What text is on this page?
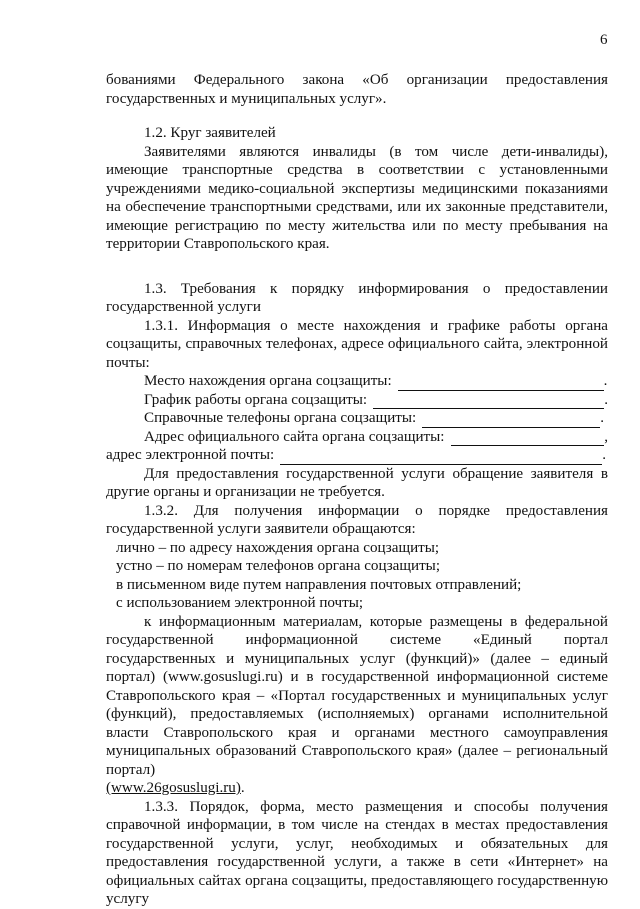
6

бованиями Федерального закона «Об организации предоставления государственных и муниципальных услуг».

1.2. Круг заявителей

Заявителями являются инвалиды (в том числе дети-инвалиды), имеющие транспортные средства в соответствии с установленными учреждениями медико-социальной экспертизы медицинскими показаниями на обеспечение транспортными средствами, или их законные представители, имеющие регистрацию по месту жительства или по месту пребывания на территории Ставропольского края.

1.3. Требования к порядку информирования о предоставлении государственной услуги

1.3.1. Информация о месте нахождения и графике работы органа соцзащиты, справочных телефонах, адресе официального сайта, электронной почты:

Место нахождения органа соцзащиты:	.
График работы органа соцзащиты:	.
Справочные телефоны органа соцзащиты:	.
Адрес официального сайта органа соцзащиты:	,
адрес электронной почты:	.

Для предоставления государственной услуги обращение заявителя в другие органы и организации не требуется.

1.3.2. Для получения информации о порядке предоставления государственной услуги заявители обращаются:

лично – по адресу нахождения органа соцзащиты;

устно – по номерам телефонов органа соцзащиты;

в письменном виде путем направления почтовых отправлений;

с использованием электронной почты;

к информационным материалам, которые размещены в федеральной государственной информационной системе «Единый портал государственных и муниципальных услуг (функций)» (далее – единый портал) (www.gosuslugi.ru) и в государственной информационной системе Ставропольского края – «Портал государственных и муниципальных услуг (функций), предоставляемых (исполняемых) органами исполнительной власти Ставропольского края и органами местного самоуправления муниципальных образований Ставропольского края» (далее – региональный портал)

(www.26gosuslugi.ru).

1.3.3. Порядок, форма, место размещения и способы получения справочной информации, в том числе на стендах в местах предоставления государственной услуги, услуг, необходимых и обязательных для предоставления государственной услуги, а также в сети «Интернет» на официальных сайтах органа соцзащиты, предоставляющего государственную услугу
